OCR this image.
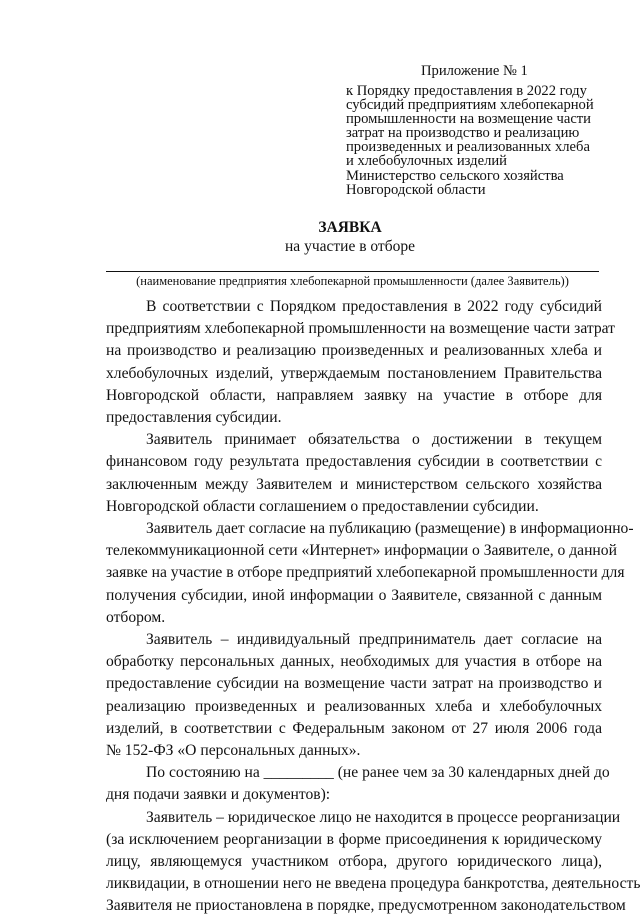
Приложение № 1
к Порядку предоставления в 2022 году
субсидий предприятиям хлебопекарной
промышленности на возмещение части
затрат на производство и реализацию
произведенных и реализованных хлеба
и хлебобулочных изделий
Министерство сельского хозяйства
Новгородской области
ЗАЯВКА
на участие в отборе
(наименование предприятия хлебопекарной промышленности (далее Заявитель))
В соответствии с Порядком предоставления в 2022 году субсидий
предприятиям хлебопекарной промышленности на возмещение части затрат
на производство и реализацию произведенных и реализованных хлеба и
хлебобулочных изделий, утверждаемым постановлением Правительства
Новгородской области, направляем заявку на участие в отборе для
предоставления субсидии.
Заявитель принимает обязательства о достижении в текущем
финансовом году результата предоставления субсидии в соответствии с
заключенным между Заявителем и министерством сельского хозяйства
Новгородской области соглашением о предоставлении субсидии.
Заявитель дает согласие на публикацию (размещение) в информационно-
телекоммуникационной сети «Интернет» информации о Заявителе, о данной
заявке на участие в отборе предприятий хлебопекарной промышленности для
получения субсидии, иной информации о Заявителе, связанной с данным
отбором.
Заявитель – индивидуальный предприниматель дает согласие на
обработку персональных данных, необходимых для участия в отборе на
предоставление субсидии на возмещение части затрат на производство и
реализацию произведенных и реализованных хлеба и хлебобулочных
изделий, в соответствии с Федеральным законом от 27 июля 2006 года
№ 152-ФЗ «О персональных данных».
По состоянию на _________ (не ранее чем за 30 календарных дней до
дня подачи заявки и документов):
Заявитель – юридическое лицо не находится в процессе реорганизации
(за исключением реорганизации в форме присоединения к юридическому
лицу, являющемуся участником отбора, другого юридического лица),
ликвидации, в отношении него не введена процедура банкротства, деятельность
Заявителя не приостановлена в порядке, предусмотренном законодательством
